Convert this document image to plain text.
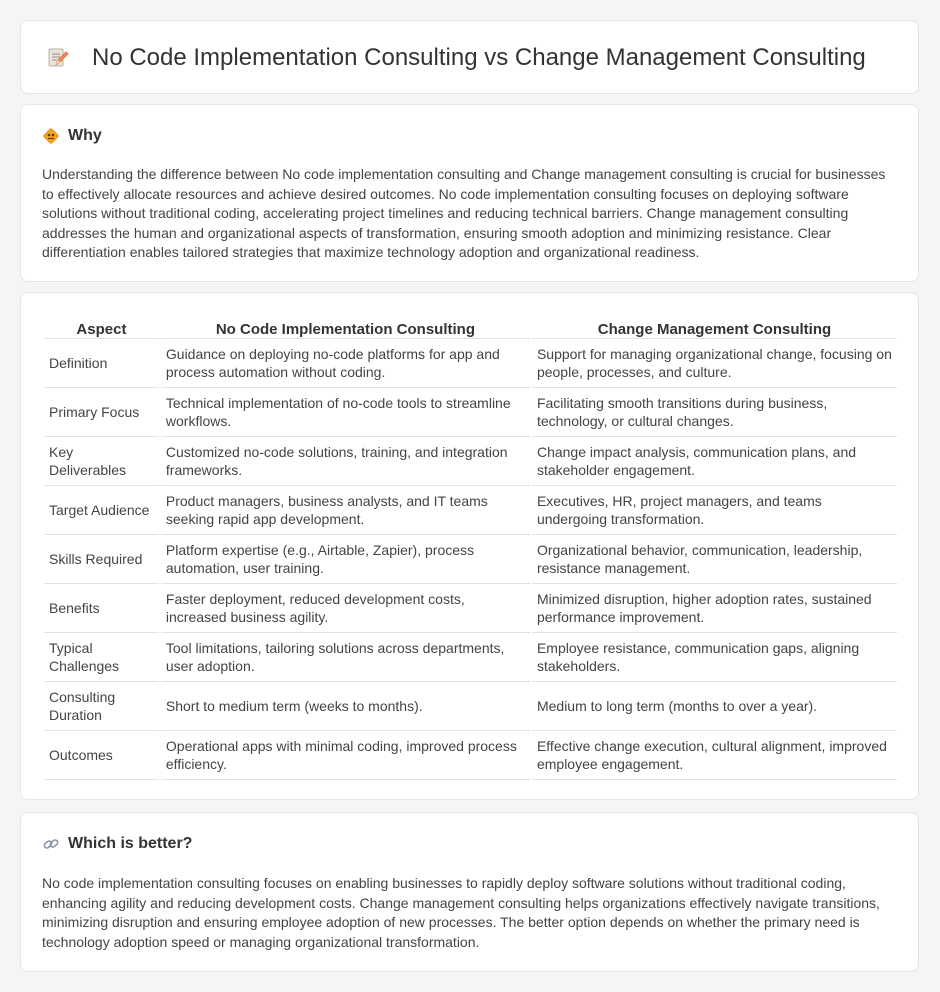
No Code Implementation Consulting vs Change Management Consulting
Why

Understanding the difference between No code implementation consulting and Change management consulting is crucial for businesses to effectively allocate resources and achieve desired outcomes. No code implementation consulting focuses on deploying software solutions without traditional coding, accelerating project timelines and reducing technical barriers. Change management consulting addresses the human and organizational aspects of transformation, ensuring smooth adoption and minimizing resistance. Clear differentiation enables tailored strategies that maximize technology adoption and organizational readiness.

Aspect	No Code Implementation Consulting	Change Management Consulting
Definition	Guidance on deploying no-code platforms for app and process automation without coding.	Support for managing organizational change, focusing on people, processes, and culture.
Primary Focus	Technical implementation of no-code tools to streamline workflows.	Facilitating smooth transitions during business, technology, or cultural changes.
Key Deliverables	Customized no-code solutions, training, and integration frameworks.	Change impact analysis, communication plans, and stakeholder engagement.
Target Audience	Product managers, business analysts, and IT teams seeking rapid app development.	Executives, HR, project managers, and teams undergoing transformation.
Skills Required	Platform expertise (e.g., Airtable, Zapier), process automation, user training.	Organizational behavior, communication, leadership, resistance management.
Benefits	Faster deployment, reduced development costs, increased business agility.	Minimized disruption, higher adoption rates, sustained performance improvement.
Typical Challenges	Tool limitations, tailoring solutions across departments, user adoption.	Employee resistance, communication gaps, aligning stakeholders.
Consulting Duration	Short to medium term (weeks to months).	Medium to long term (months to over a year).
Outcomes	Operational apps with minimal coding, improved process efficiency.	Effective change execution, cultural alignment, improved employee engagement.
Which is better?

No code implementation consulting focuses on enabling businesses to rapidly deploy software solutions without traditional coding, enhancing agility and reducing development costs. Change management consulting helps organizations effectively navigate transitions, minimizing disruption and ensuring employee adoption of new processes. The better option depends on whether the primary need is technology adoption speed or managing organizational transformation.
